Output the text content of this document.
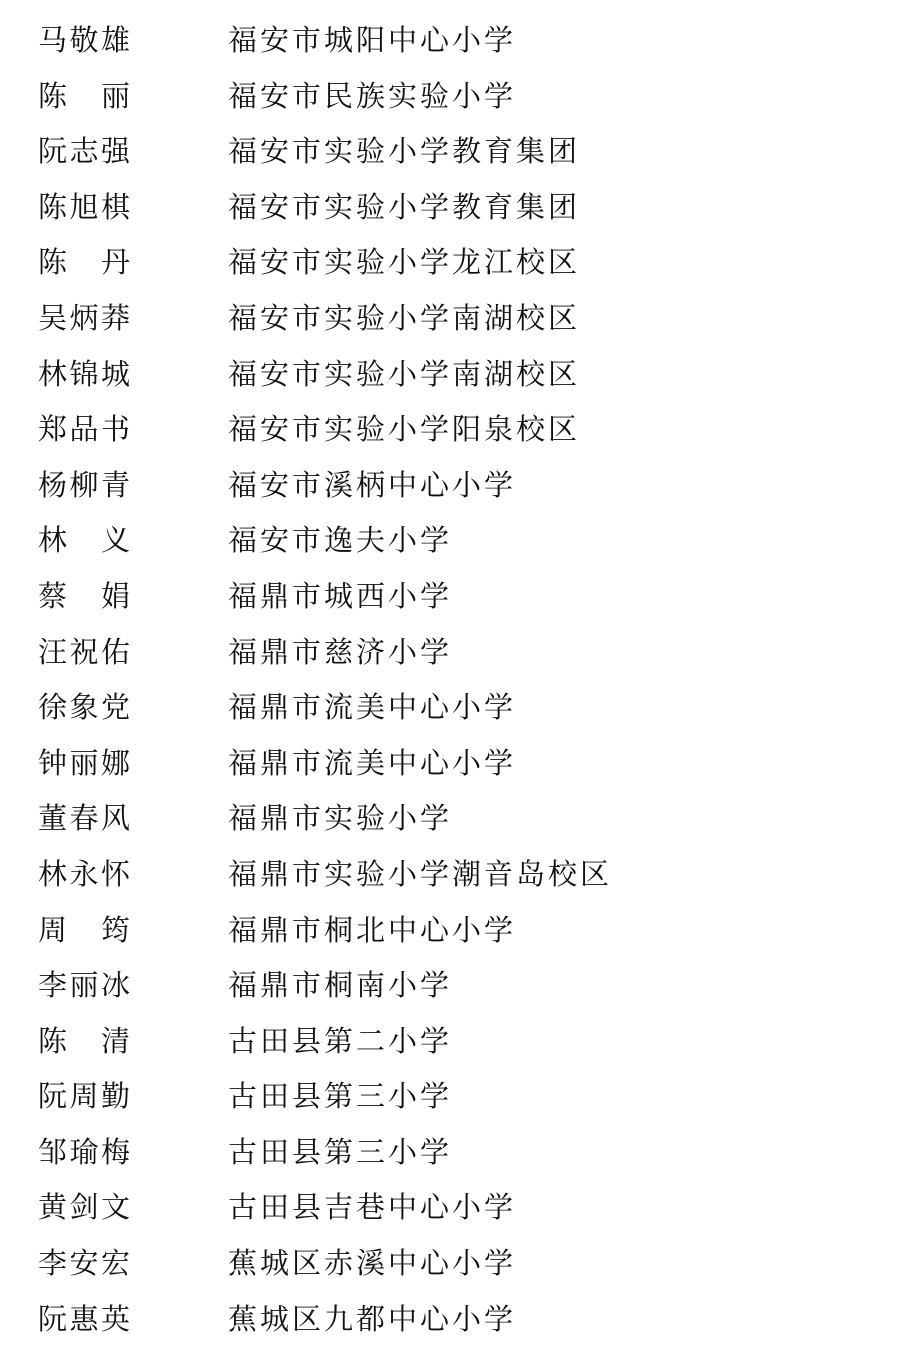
马 敬 雄	福安市城阳中心小学
陈 丽	福安市民族实验小学
阮 志 强	福安市实验小学教育集团
陈 旭 棋	福安市实验小学教育集团
陈 丹	福安市实验小学龙江校区
吴 炳 莽	福安市实验小学南湖校区
林 锦 城	福安市实验小学南湖校区
郑 品 书	福安市实验小学阳泉校区
杨 柳 青	福安市溪柄中心小学
林 义	福安市逸夫小学
蔡 娟	福鼎市城西小学
汪 祝 佑	福鼎市慈济小学
徐 象 党	福鼎市流美中心小学
钟 丽 娜	福鼎市流美中心小学
董 春 风	福鼎市实验小学
林 永 怀	福鼎市实验小学潮音岛校区
周 筠	福鼎市桐北中心小学
李 丽 冰	福鼎市桐南小学
陈 清	古田县第二小学
阮 周 勤	古田县第三小学
邹 瑜 梅	古田县第三小学
黄 剑 文	古田县吉巷中心小学
李 安 宏	蕉城区赤溪中心小学
阮 惠 英	蕉城区九都中心小学
